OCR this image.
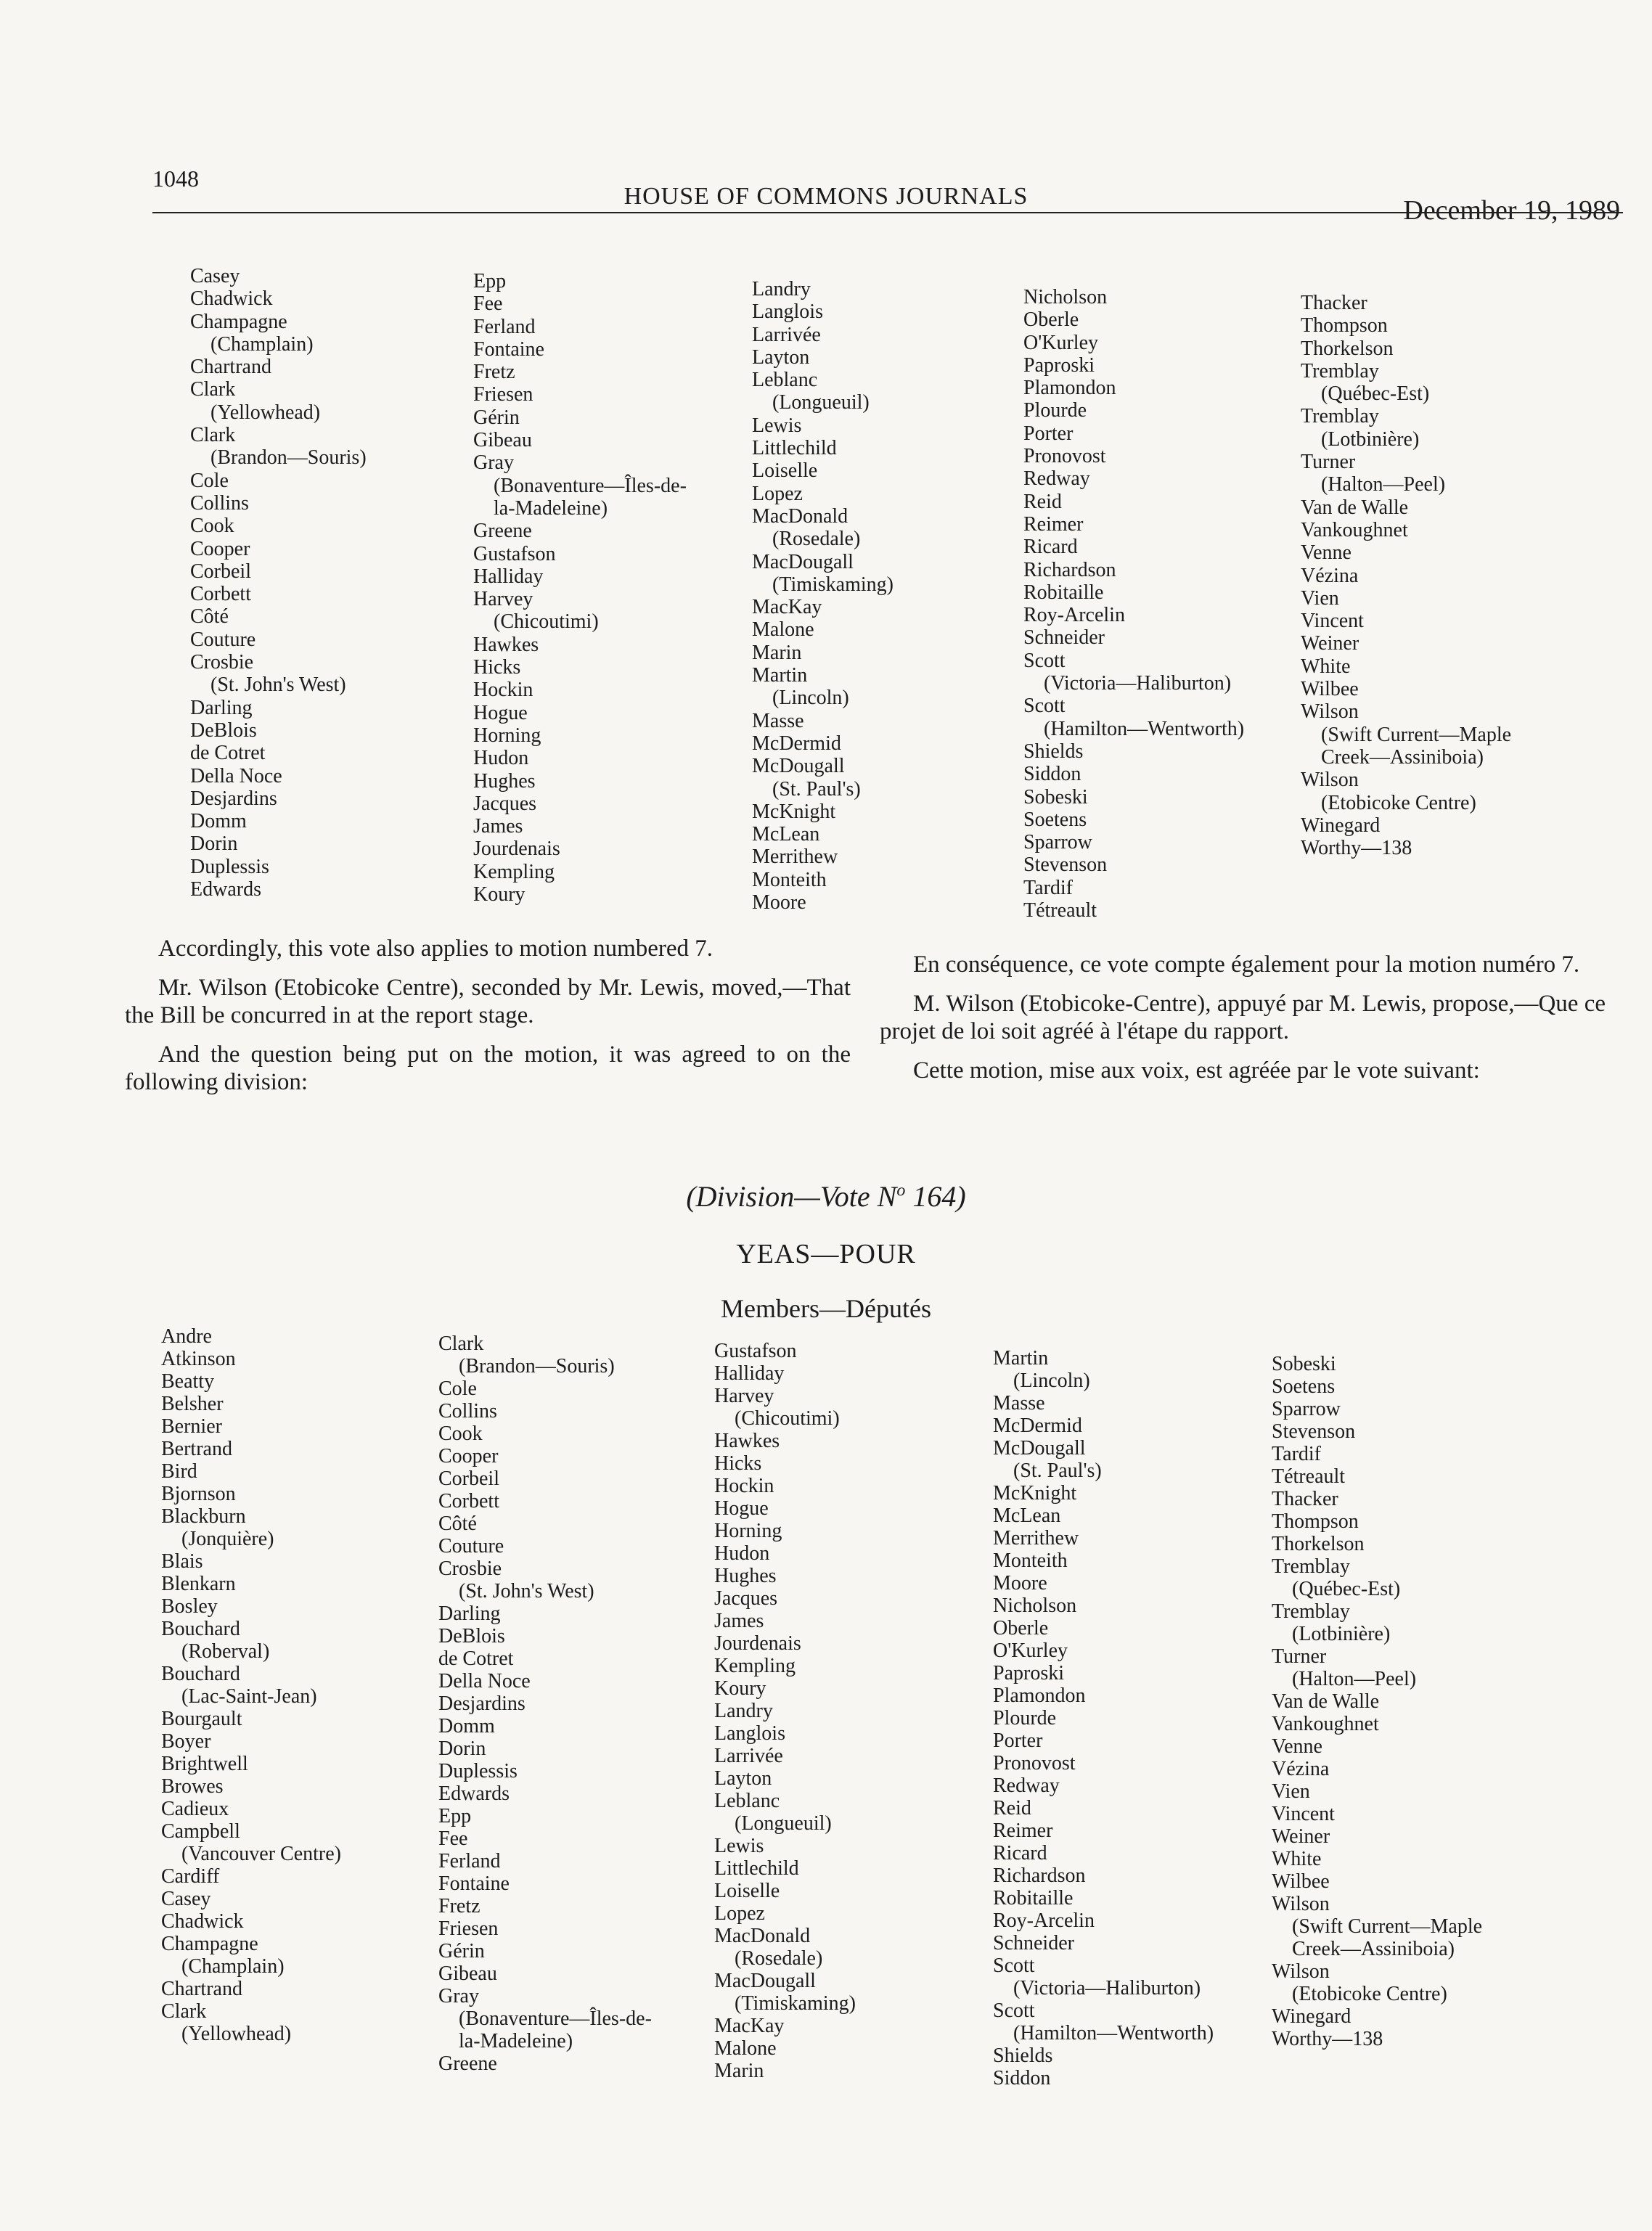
1048
HOUSE OF COMMONS JOURNALS	December 19, 1989
Casey
Chadwick
Champagne
(Champlain)
Chartrand
Clark
(Yellowhead)
Clark
(Brandon—Souris)
Cole
Collins
Cook
Cooper
Corbeil
Corbett
Côté
Couture
Crosbie
(St. John's West)
Darling
DeBlois
de Cotret
Della Noce
Desjardins
Domm
Dorin
Duplessis
Edwards
Epp
Fee
Ferland
Fontaine
Fretz
Friesen
Gérin
Gibeau
Gray
(Bonaventure—Îles-de-
la-Madeleine)
Greene
Gustafson
Halliday
Harvey
(Chicoutimi)
Hawkes
Hicks
Hockin
Hogue
Horning
Hudon
Hughes
Jacques
James
Jourdenais
Kempling
Koury
Landry
Langlois
Larrivée
Layton
Leblanc
(Longueuil)
Lewis
Littlechild
Loiselle
Lopez
MacDonald
(Rosedale)
MacDougall
(Timiskaming)
MacKay
Malone
Marin
Martin
(Lincoln)
Masse
McDermid
McDougall
(St. Paul's)
McKnight
McLean
Merrithew
Monteith
Moore
Nicholson
Oberle
O'Kurley
Paproski
Plamondon
Plourde
Porter
Pronovost
Redway
Reid
Reimer
Ricard
Richardson
Robitaille
Roy-Arcelin
Schneider
Scott
(Victoria—Haliburton)
Scott
(Hamilton—Wentworth)
Shields
Siddon
Sobeski
Soetens
Sparrow
Stevenson
Tardif
Tétreault
Thacker
Thompson
Thorkelson
Tremblay
(Québec-Est)
Tremblay
(Lotbinière)
Turner
(Halton—Peel)
Van de Walle
Vankoughnet
Venne
Vézina
Vien
Vincent
Weiner
White
Wilbee
Wilson
(Swift Current—Maple
Creek—Assiniboia)
Wilson
(Etobicoke Centre)
Winegard
Worthy—138

Accordingly, this vote also applies to motion numbered 7.

Mr. Wilson (Etobicoke Centre), seconded by Mr. Lewis, moved,—That the Bill be concurred in at the report stage.

And the question being put on the motion, it was agreed to on the following division:

En conséquence, ce vote compte également pour la motion numéro 7.

M. Wilson (Etobicoke-Centre), appuyé par M. Lewis, propose,—Que ce projet de loi soit agréé à l'étape du rapport.

Cette motion, mise aux voix, est agréée par le vote suivant:

(Division—Vote $N^o$ 164)
YEAS—POUR
Members—Députés
Andre
Atkinson
Beatty
Belsher
Bernier
Bertrand
Bird
Bjornson
Blackburn
(Jonquière)
Blais
Blenkarn
Bosley
Bouchard
(Roberval)
Bouchard
(Lac-Saint-Jean)
Bourgault
Boyer
Brightwell
Browes
Cadieux
Campbell
(Vancouver Centre)
Cardiff
Casey
Chadwick
Champagne
(Champlain)
Chartrand
Clark
(Yellowhead)
Clark
(Brandon—Souris)
Cole
Collins
Cook
Cooper
Corbeil
Corbett
Côté
Couture
Crosbie
(St. John's West)
Darling
DeBlois
de Cotret
Della Noce
Desjardins
Domm
Dorin
Duplessis
Edwards
Epp
Fee
Ferland
Fontaine
Fretz
Friesen
Gérin
Gibeau
Gray
(Bonaventure—Îles-de-
la-Madeleine)
Greene
Gustafson
Halliday
Harvey
(Chicoutimi)
Hawkes
Hicks
Hockin
Hogue
Horning
Hudon
Hughes
Jacques
James
Jourdenais
Kempling
Koury
Landry
Langlois
Larrivée
Layton
Leblanc
(Longueuil)
Lewis
Littlechild
Loiselle
Lopez
MacDonald
(Rosedale)
MacDougall
(Timiskaming)
MacKay
Malone
Marin
Martin
(Lincoln)
Masse
McDermid
McDougall
(St. Paul's)
McKnight
McLean
Merrithew
Monteith
Moore
Nicholson
Oberle
O'Kurley
Paproski
Plamondon
Plourde
Porter
Pronovost
Redway
Reid
Reimer
Ricard
Richardson
Robitaille
Roy-Arcelin
Schneider
Scott
(Victoria—Haliburton)
Scott
(Hamilton—Wentworth)
Shields
Siddon
Sobeski
Soetens
Sparrow
Stevenson
Tardif
Tétreault
Thacker
Thompson
Thorkelson
Tremblay
(Québec-Est)
Tremblay
(Lotbinière)
Turner
(Halton—Peel)
Van de Walle
Vankoughnet
Venne
Vézina
Vien
Vincent
Weiner
White
Wilbee
Wilson
(Swift Current—Maple
Creek—Assiniboia)
Wilson
(Etobicoke Centre)
Winegard
Worthy—138
